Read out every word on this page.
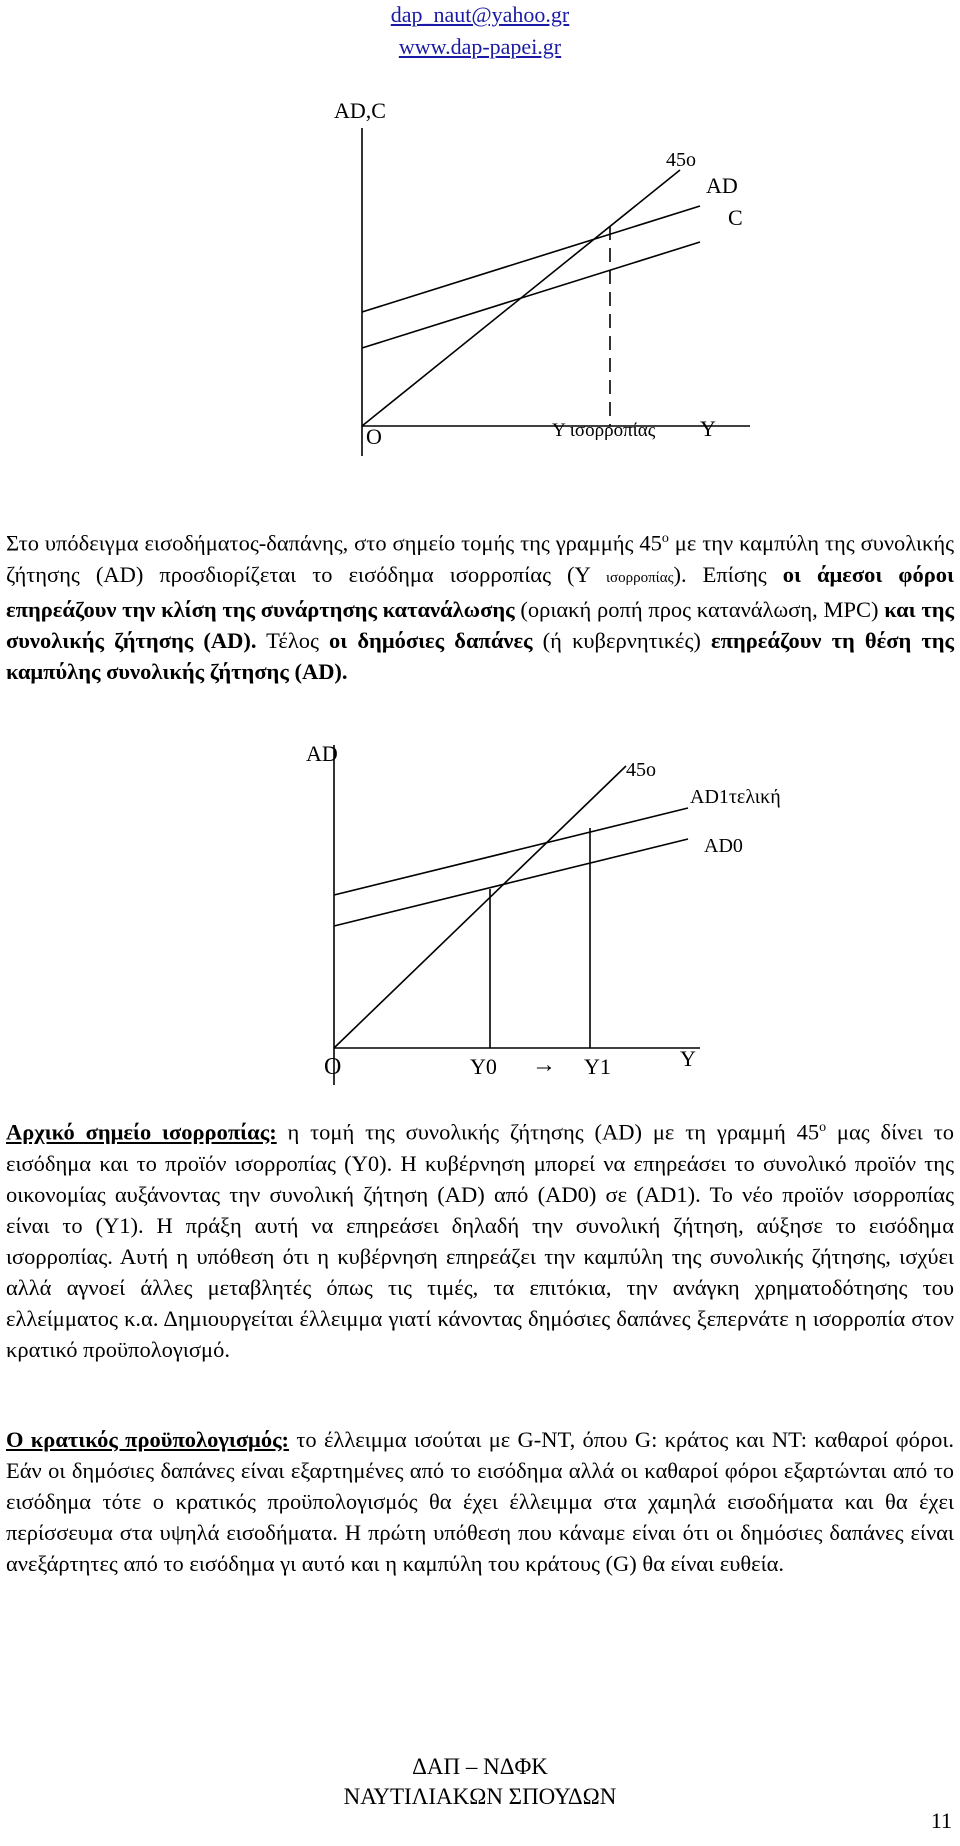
dap_naut@yahoo.gr
www.dap-papei.gr
AD,C
45ο
AD
C
O	Y ισορροπίας Y

Στο υπόδειγμα εισοδήματος-δαπάνης, στο σημείο τομής της γραμμής $45^o$ με την καμπύλη της συνολικής ζήτησης (AD) προσδιορίζεται το εισόδημα ισορροπίας (Y ισορροπίας). Επίσης οι άμεσοι φόροι επηρεάζουν την κλίση της συνάρτησης κατανάλωσης (οριακή ροπή προς κατανάλωση, MPC) και της συνολικής ζήτησης (AD). Τέλος οι δημόσιες δαπάνες (ή κυβερνητικές) επηρεάζουν τη θέση της καμπύλης συνολικής ζήτησης (AD).

AD
45ο
AD1τελική
AD0
O	Y0 → Y1	Y

Αρχικό σημείο ισορροπίας: η τομή της συνολικής ζήτησης (AD) με τη γραμμή $45^o$ μας δίνει το εισόδημα και το προϊόν ισορροπίας (Y0). Η κυβέρνηση μπορεί να επηρεάσει το συνολικό προϊόν της οικονομίας αυξάνοντας την συνολική ζήτηση (AD) από (AD0) σε (AD1). Το νέο προϊόν ισορροπίας είναι το (Y1). Η πράξη αυτή να επηρεάσει δηλαδή την συνολική ζήτηση, αύξησε το εισόδημα ισορροπίας. Αυτή η υπόθεση ότι η κυβέρνηση επηρεάζει την καμπύλη της συνολικής ζήτησης, ισχύει αλλά αγνοεί άλλες μεταβλητές όπως τις τιμές, τα επιτόκια, την ανάγκη χρηματοδότησης του ελλείμματος κ.α. Δημιουργείται έλλειμμα γιατί κάνοντας δημόσιες δαπάνες ξεπερνάτε η ισορροπία στον κρατικό προϋπολογισμό.

Ο κρατικός προϋπολογισμός: το έλλειμμα ισούται με G-NT, όπου G: κράτος και NT: καθαροί φόροι. Εάν οι δημόσιες δαπάνες είναι εξαρτημένες από το εισόδημα αλλά οι καθαροί φόροι εξαρτώνται από το εισόδημα τότε ο κρατικός προϋπολογισμός θα έχει έλλειμμα στα χαμηλά εισοδήματα και θα έχει περίσσευμα στα υψηλά εισοδήματα. Η πρώτη υπόθεση που κάναμε είναι ότι οι δημόσιες δαπάνες είναι ανεξάρτητες από το εισόδημα γι αυτό και η καμπύλη του κράτους (G) θα είναι ευθεία.

ΔΑΠ – ΝΔΦΚ
ΝΑΥΤΙΛΙΑΚΩΝ ΣΠΟΥΔΩΝ
11
